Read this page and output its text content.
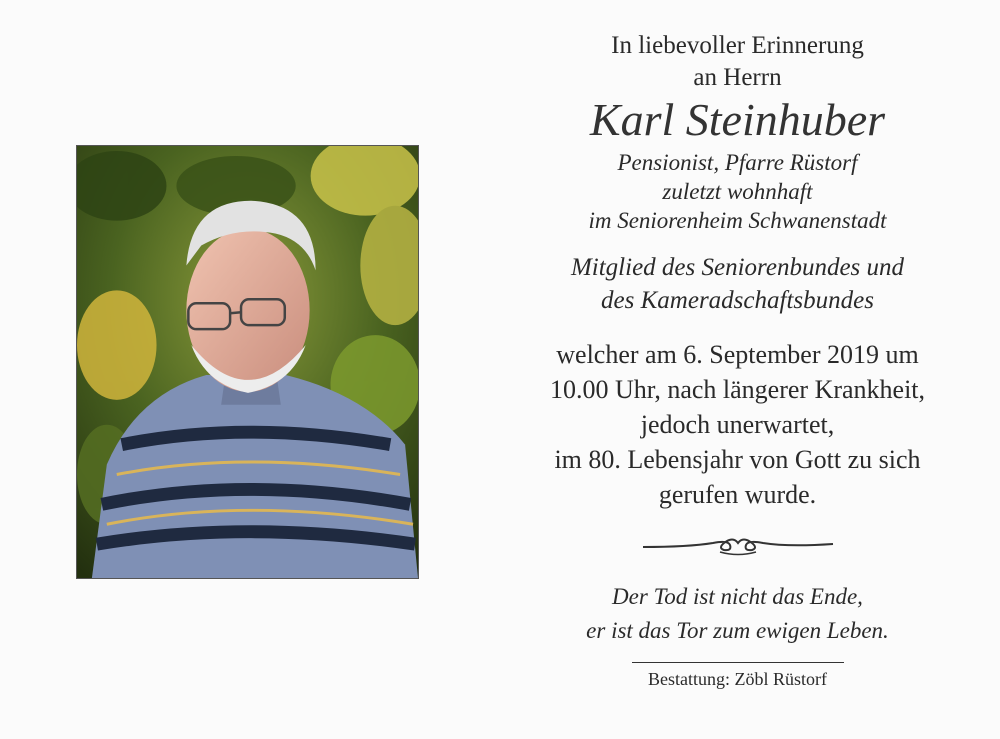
In liebevoller Erinnerung

an Herrn

Karl Steinhuber

Pensionist, Pfarre Rüstorf

zuletzt wohnhaft

im Seniorenheim Schwanenstadt

Mitglied des Seniorenbundes und

des Kameradschaftsbundes

welcher am 6. September 2019 um

10.00 Uhr, nach längerer Krankheit,

jedoch unerwartet,

im 80. Lebensjahr von Gott zu sich

gerufen wurde.

Der Tod ist nicht das Ende,

er ist das Tor zum ewigen Leben.

Bestattung: Zöbl Rüstorf
